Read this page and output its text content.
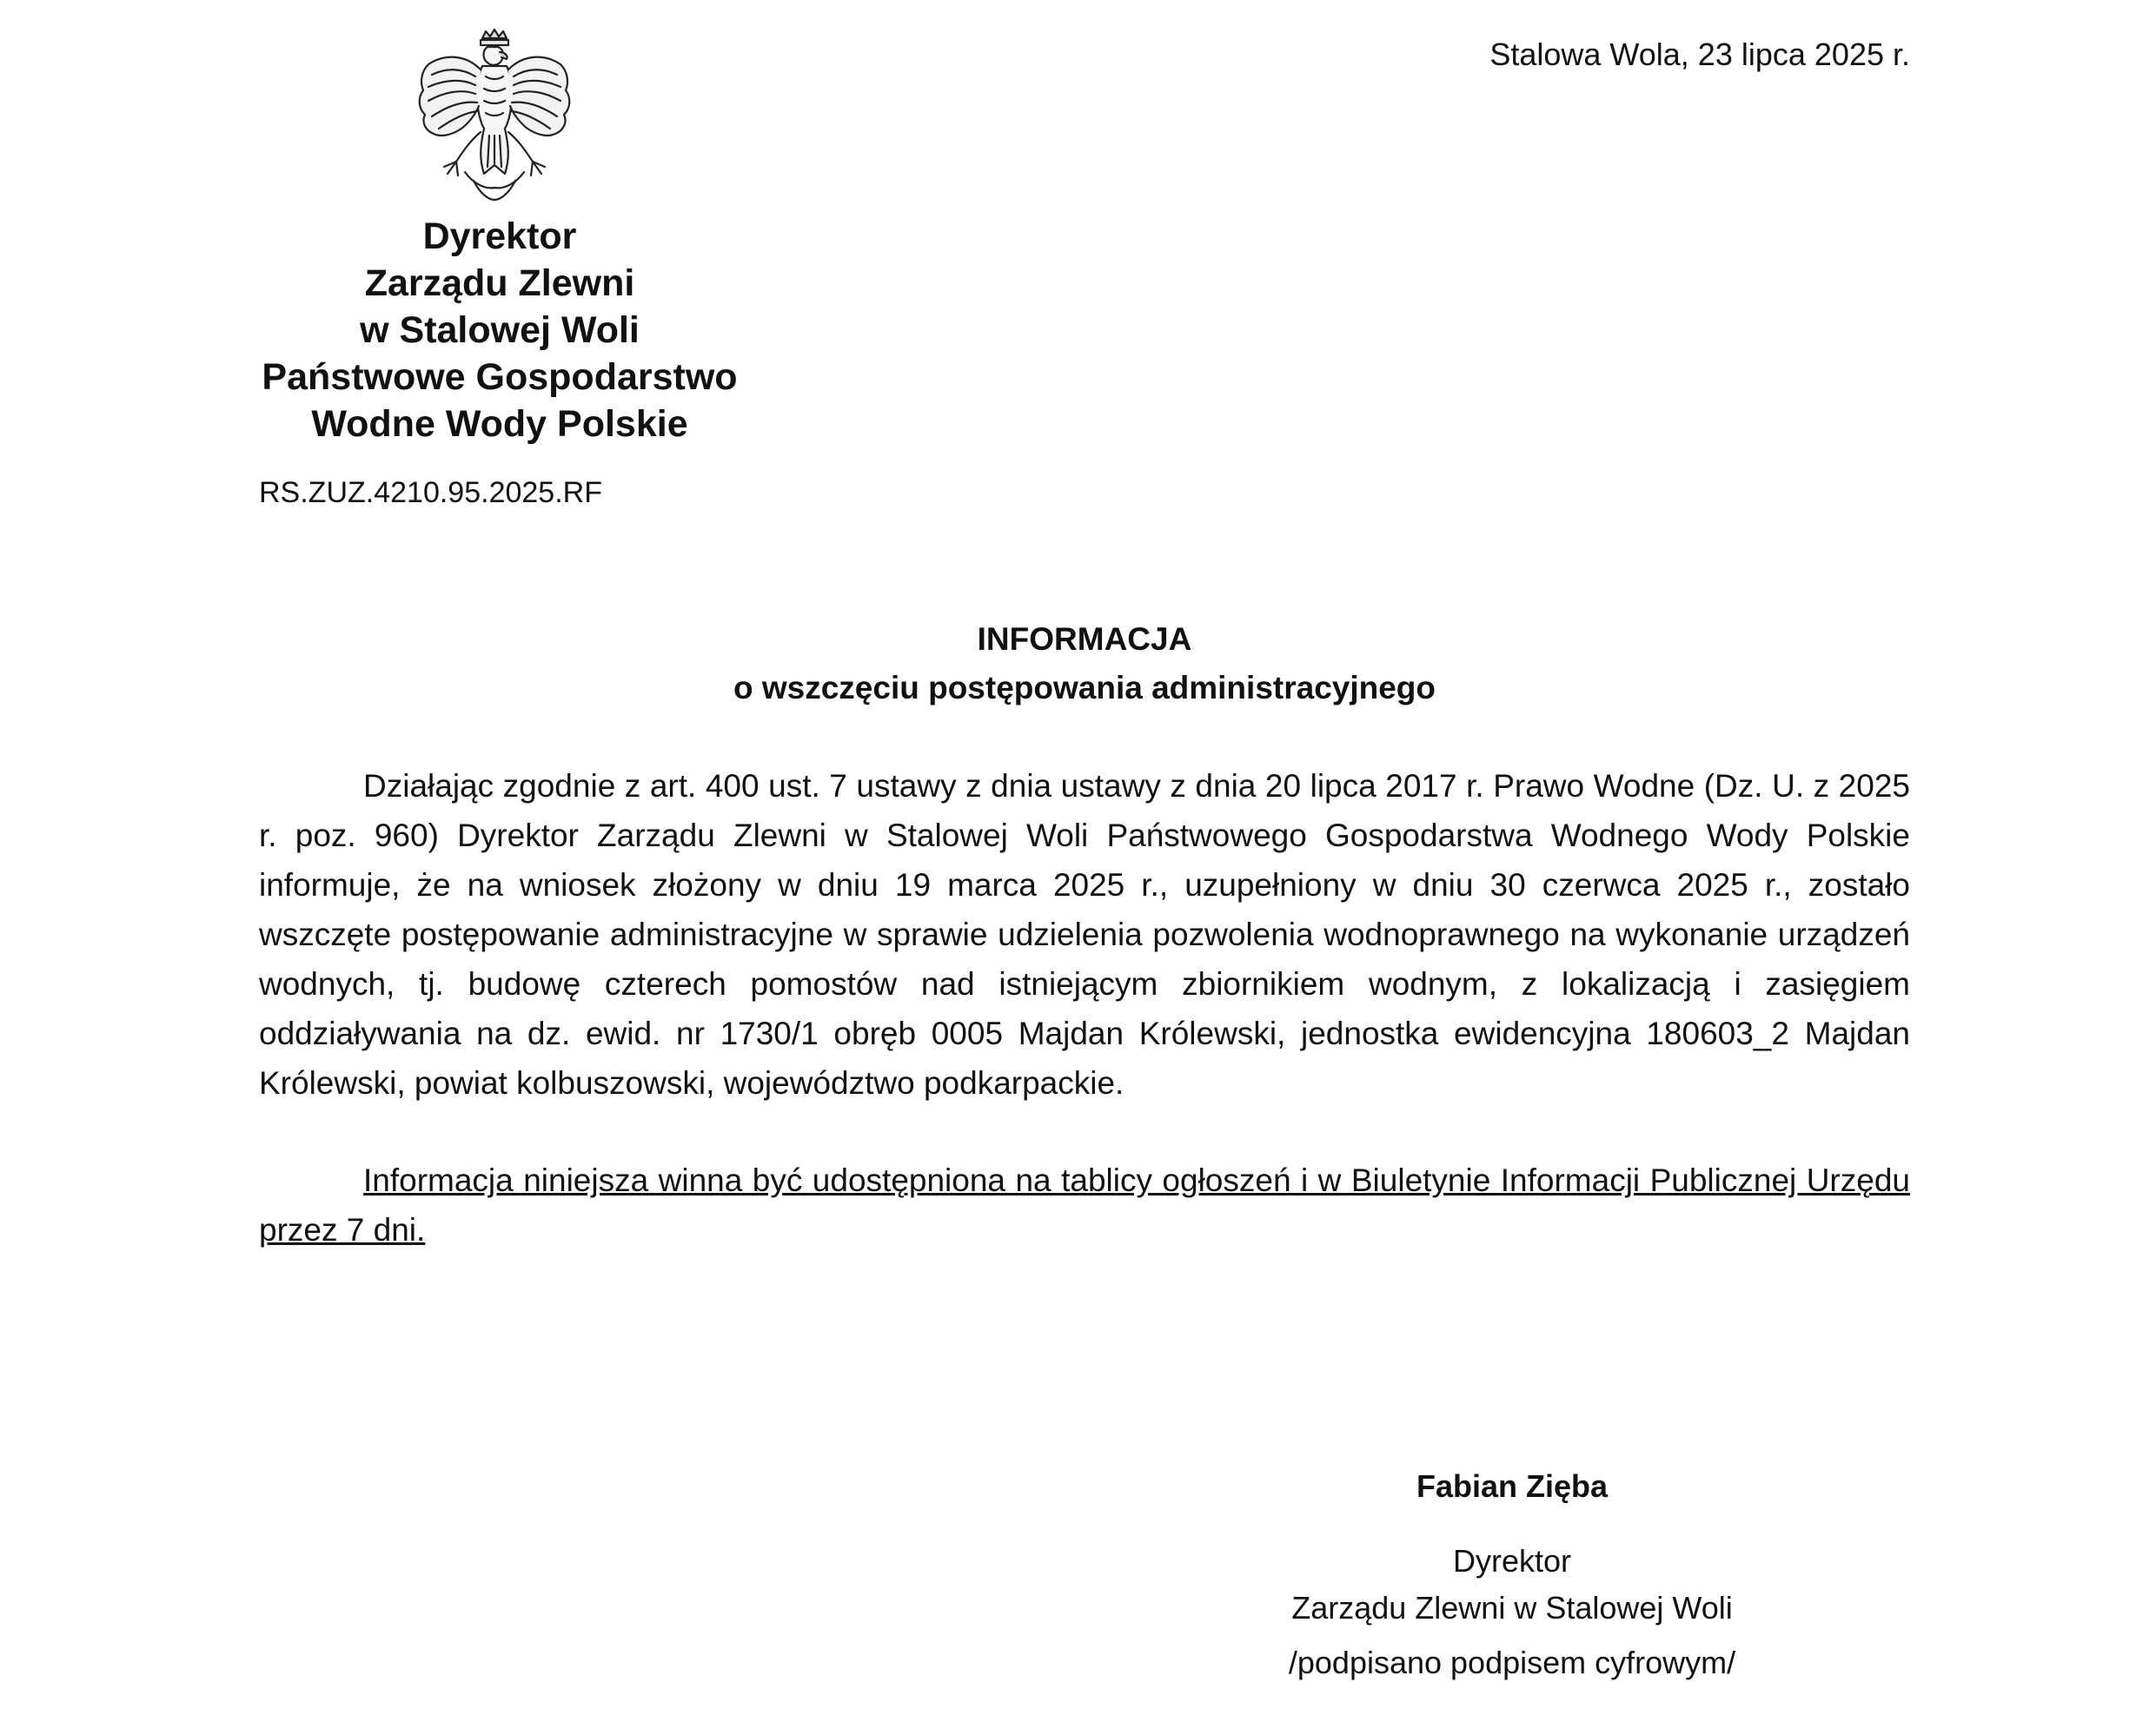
Stalowa Wola, 23 lipca 2025 r.
Dyrektor
Zarządu Zlewni
w Stalowej Woli
Państwowe Gospodarstwo
Wodne Wody Polskie
RS.ZUZ.4210.95.2025.RF
INFORMACJA
o wszczęciu postępowania administracyjnego
Działając zgodnie z art. 400 ust. 7 ustawy z dnia ustawy z dnia 20 lipca 2017 r. Prawo Wodne (Dz. U. z 2025 r. poz. 960) Dyrektor Zarządu Zlewni w Stalowej Woli Państwowego Gospodarstwa Wodnego Wody Polskie informuje, że na wniosek złożony w dniu 19 marca 2025 r., uzupełniony w dniu 30 czerwca 2025 r., zostało wszczęte postępowanie administracyjne w sprawie udzielenia pozwolenia wodnoprawnego na wykonanie urządzeń wodnych, tj. budowę czterech pomostów nad istniejącym zbiornikiem wodnym, z lokalizacją i zasięgiem oddziaływania na dz. ewid. nr 1730/1 obręb 0005 Majdan Królewski, jednostka ewidencyjna 180603_2 Majdan Królewski, powiat kolbuszowski, województwo podkarpackie.
Informacja niniejsza winna być udostępniona na tablicy ogłoszeń i w Biuletynie Informacji Publicznej Urzędu przez 7 dni.
Fabian Zięba
Dyrektor
Zarządu Zlewni w Stalowej Woli
/podpisano podpisem cyfrowym/
